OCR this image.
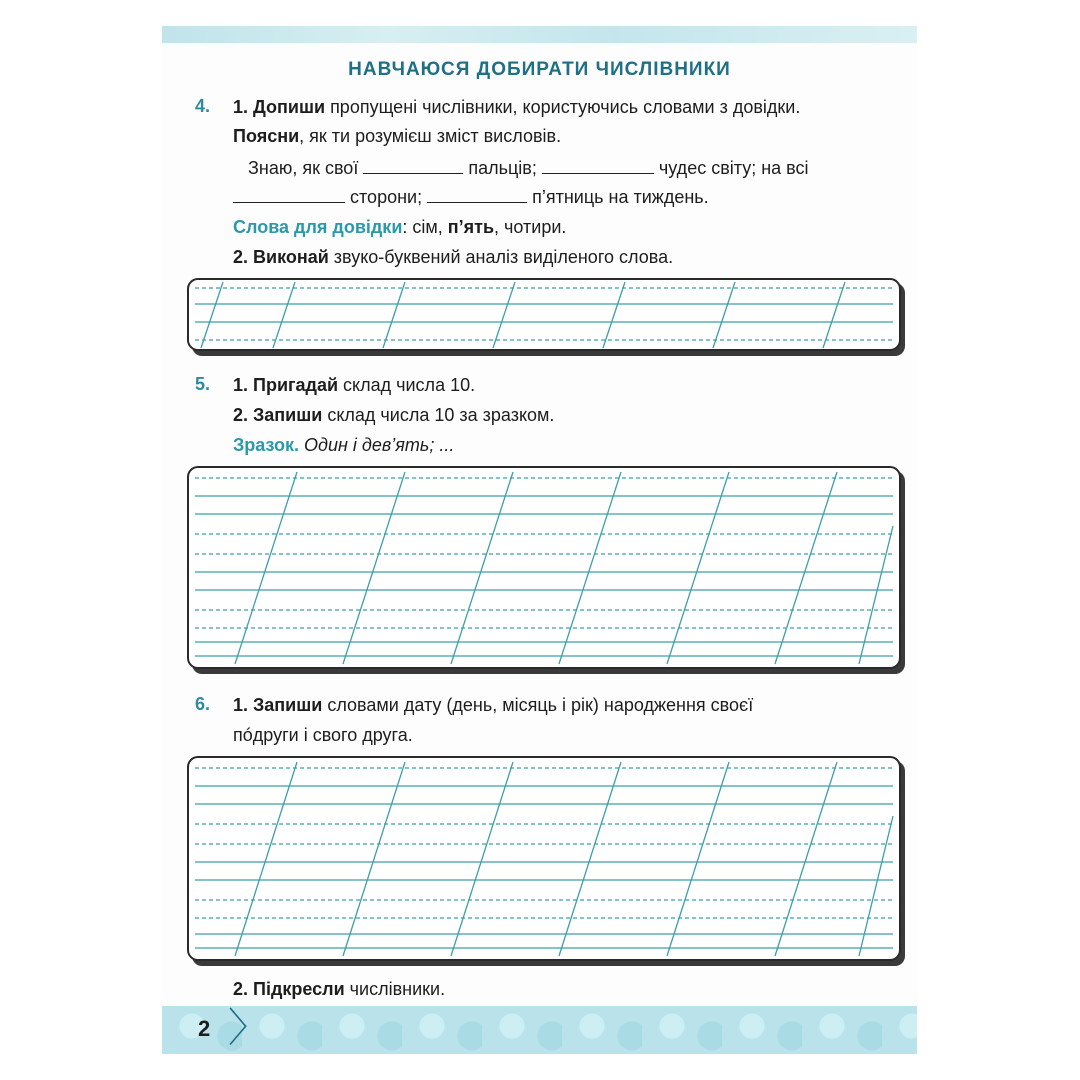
НАВЧАЮСЯ ДОБИРАТИ ЧИСЛІВНИКИ
4. 1. Допиши пропущені числівники, користуючись словами з довідки.
Поясни, як ти розумієш зміст висловів.
Знаю, як свої	пальців;	чудес світу; на всі
сторони;	п’ятниць на тиждень.
Слова для довідки: сім, п’ять, чотири.
2. Виконай звуко-буквений аналіз виділеного слова.
5. 1. Пригадай склад числа 10.
2. Запиши склад числа 10 за зразком.
Зразок. Один і дев’ять; ...
6. 1. Запиши словами дату (день, місяць і рік) народження своєї
пóдруги і свого друга.
2. Підкресли числівники.
2 〉
